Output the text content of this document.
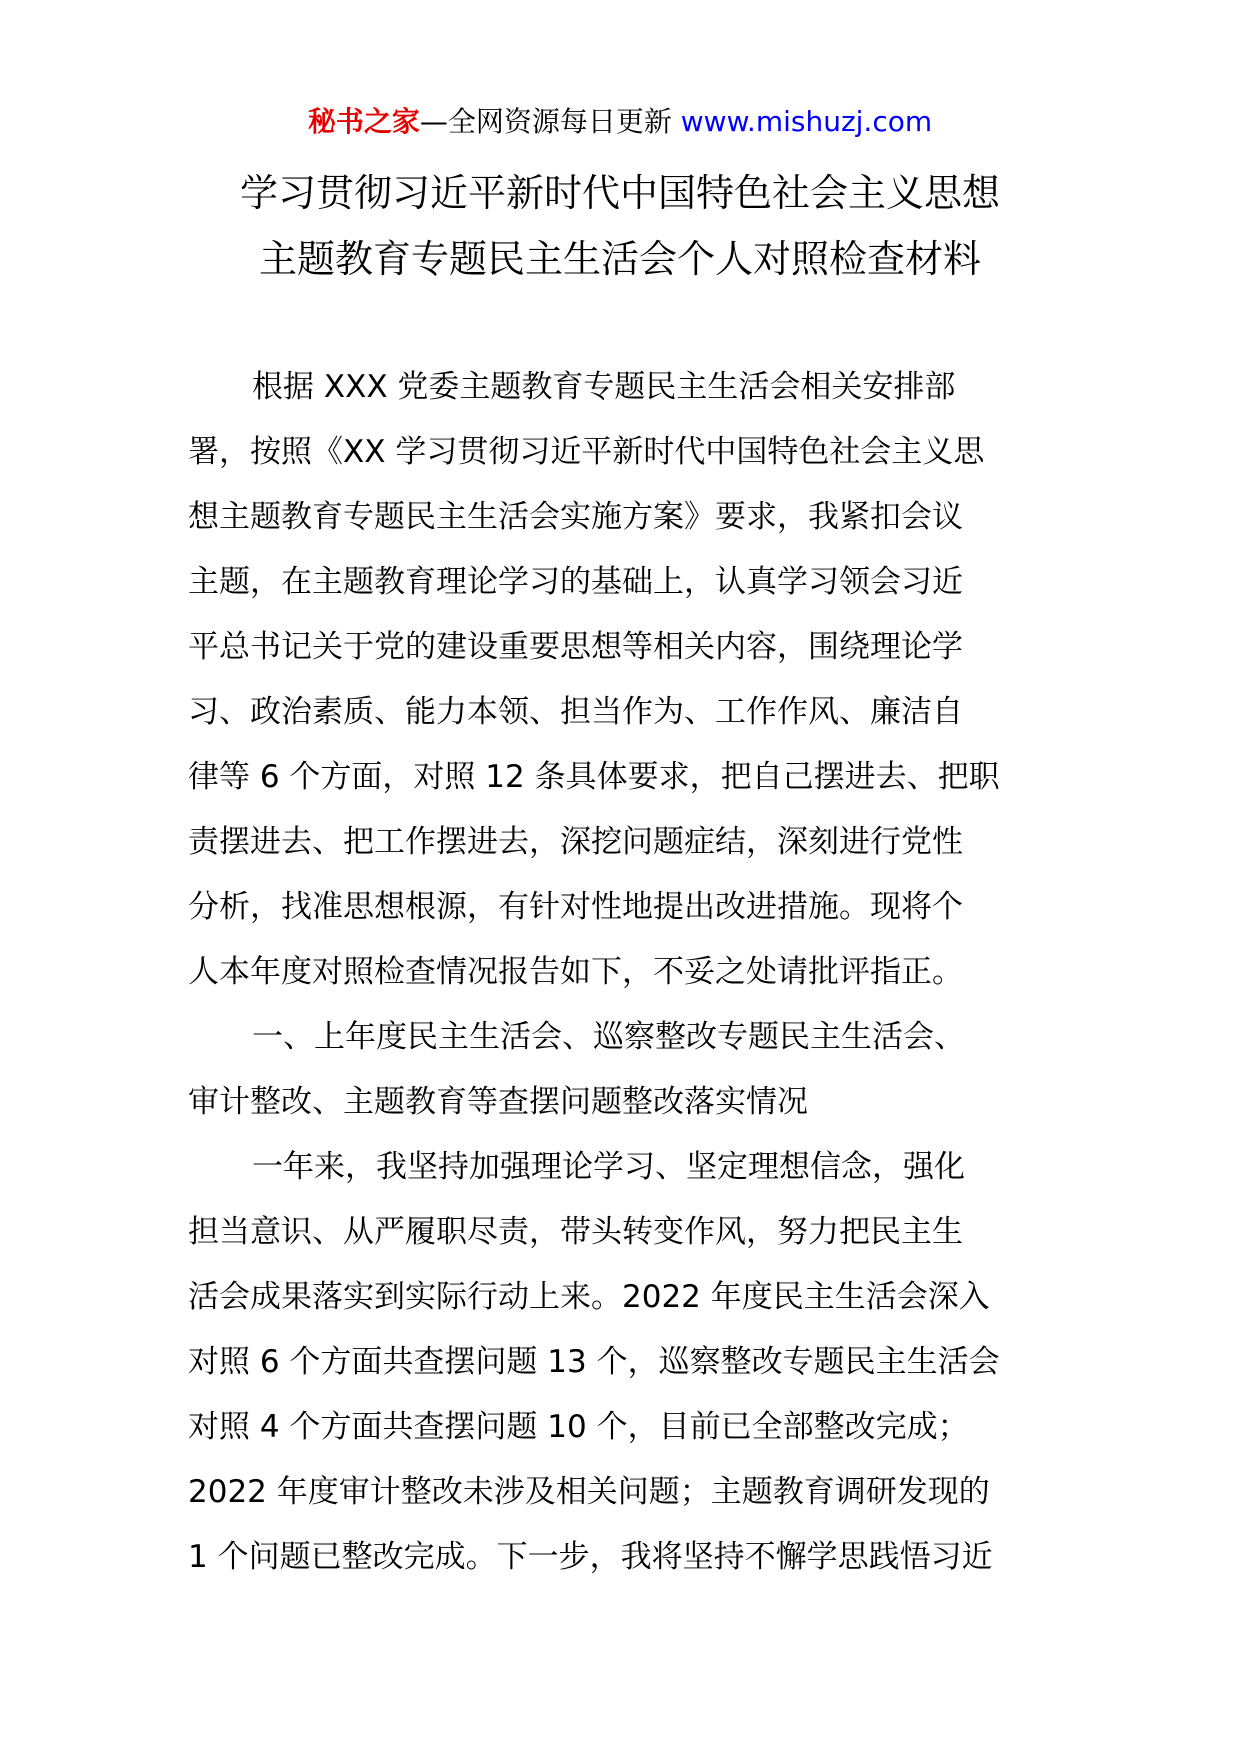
秘书之家—全网资源每日更新 www.mishuzj.com
学习贯彻习近平新时代中国特色社会主义思想
主题教育专题民主生活会个人对照检查材料
根据 XXX 党委主题教育专题民主生活会相关安排部
署，按照《XX 学习贯彻习近平新时代中国特色社会主义思
想主题教育专题民主生活会实施方案》要求，我紧扣会议
主题，在主题教育理论学习的基础上，认真学习领会习近
平总书记关于党的建设重要思想等相关内容，围绕理论学
习、政治素质、能力本领、担当作为、工作作风、廉洁自
律等 6 个方面，对照 12 条具体要求，把自己摆进去、把职
责摆进去、把工作摆进去，深挖问题症结，深刻进行党性
分析，找准思想根源，有针对性地提出改进措施。现将个
人本年度对照检查情况报告如下，不妥之处请批评指正。
一、上年度民主生活会、巡察整改专题民主生活会、
审计整改、主题教育等查摆问题整改落实情况
一年来，我坚持加强理论学习、坚定理想信念，强化
担当意识、从严履职尽责，带头转变作风，努力把民主生
活会成果落实到实际行动上来。2022 年度民主生活会深入
对照 6 个方面共查摆问题 13 个，巡察整改专题民主生活会
对照 4 个方面共查摆问题 10 个，目前已全部整改完成；
2022 年度审计整改未涉及相关问题；主题教育调研发现的
1 个问题已整改完成。下一步，我将坚持不懈学思践悟习近
